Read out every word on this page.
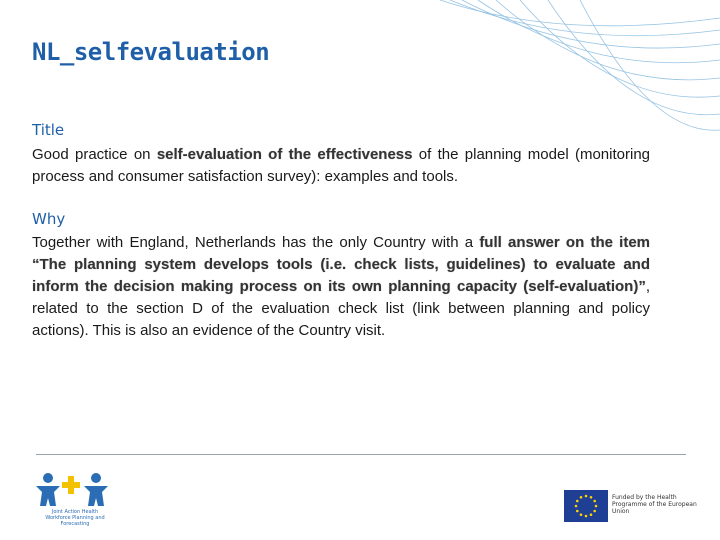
NL_selfevaluation
Title

Good practice on self-evaluation of the effectiveness of the planning model (monitoring process and consumer satisfaction survey): examples and tools.

Why

Together with England, Netherlands has the only Country with a full answer on the item “The planning system develops tools (i.e. check lists, guidelines) to evaluate and inform the decision making process on its own planning capacity (self-evaluation)”, related to the section D of the evaluation check list (link between planning and policy actions). This is also an evidence of the Country visit.

Joint Action Health Workforce Planning and Forecasting
Funded by the Health Programme of the European Union
